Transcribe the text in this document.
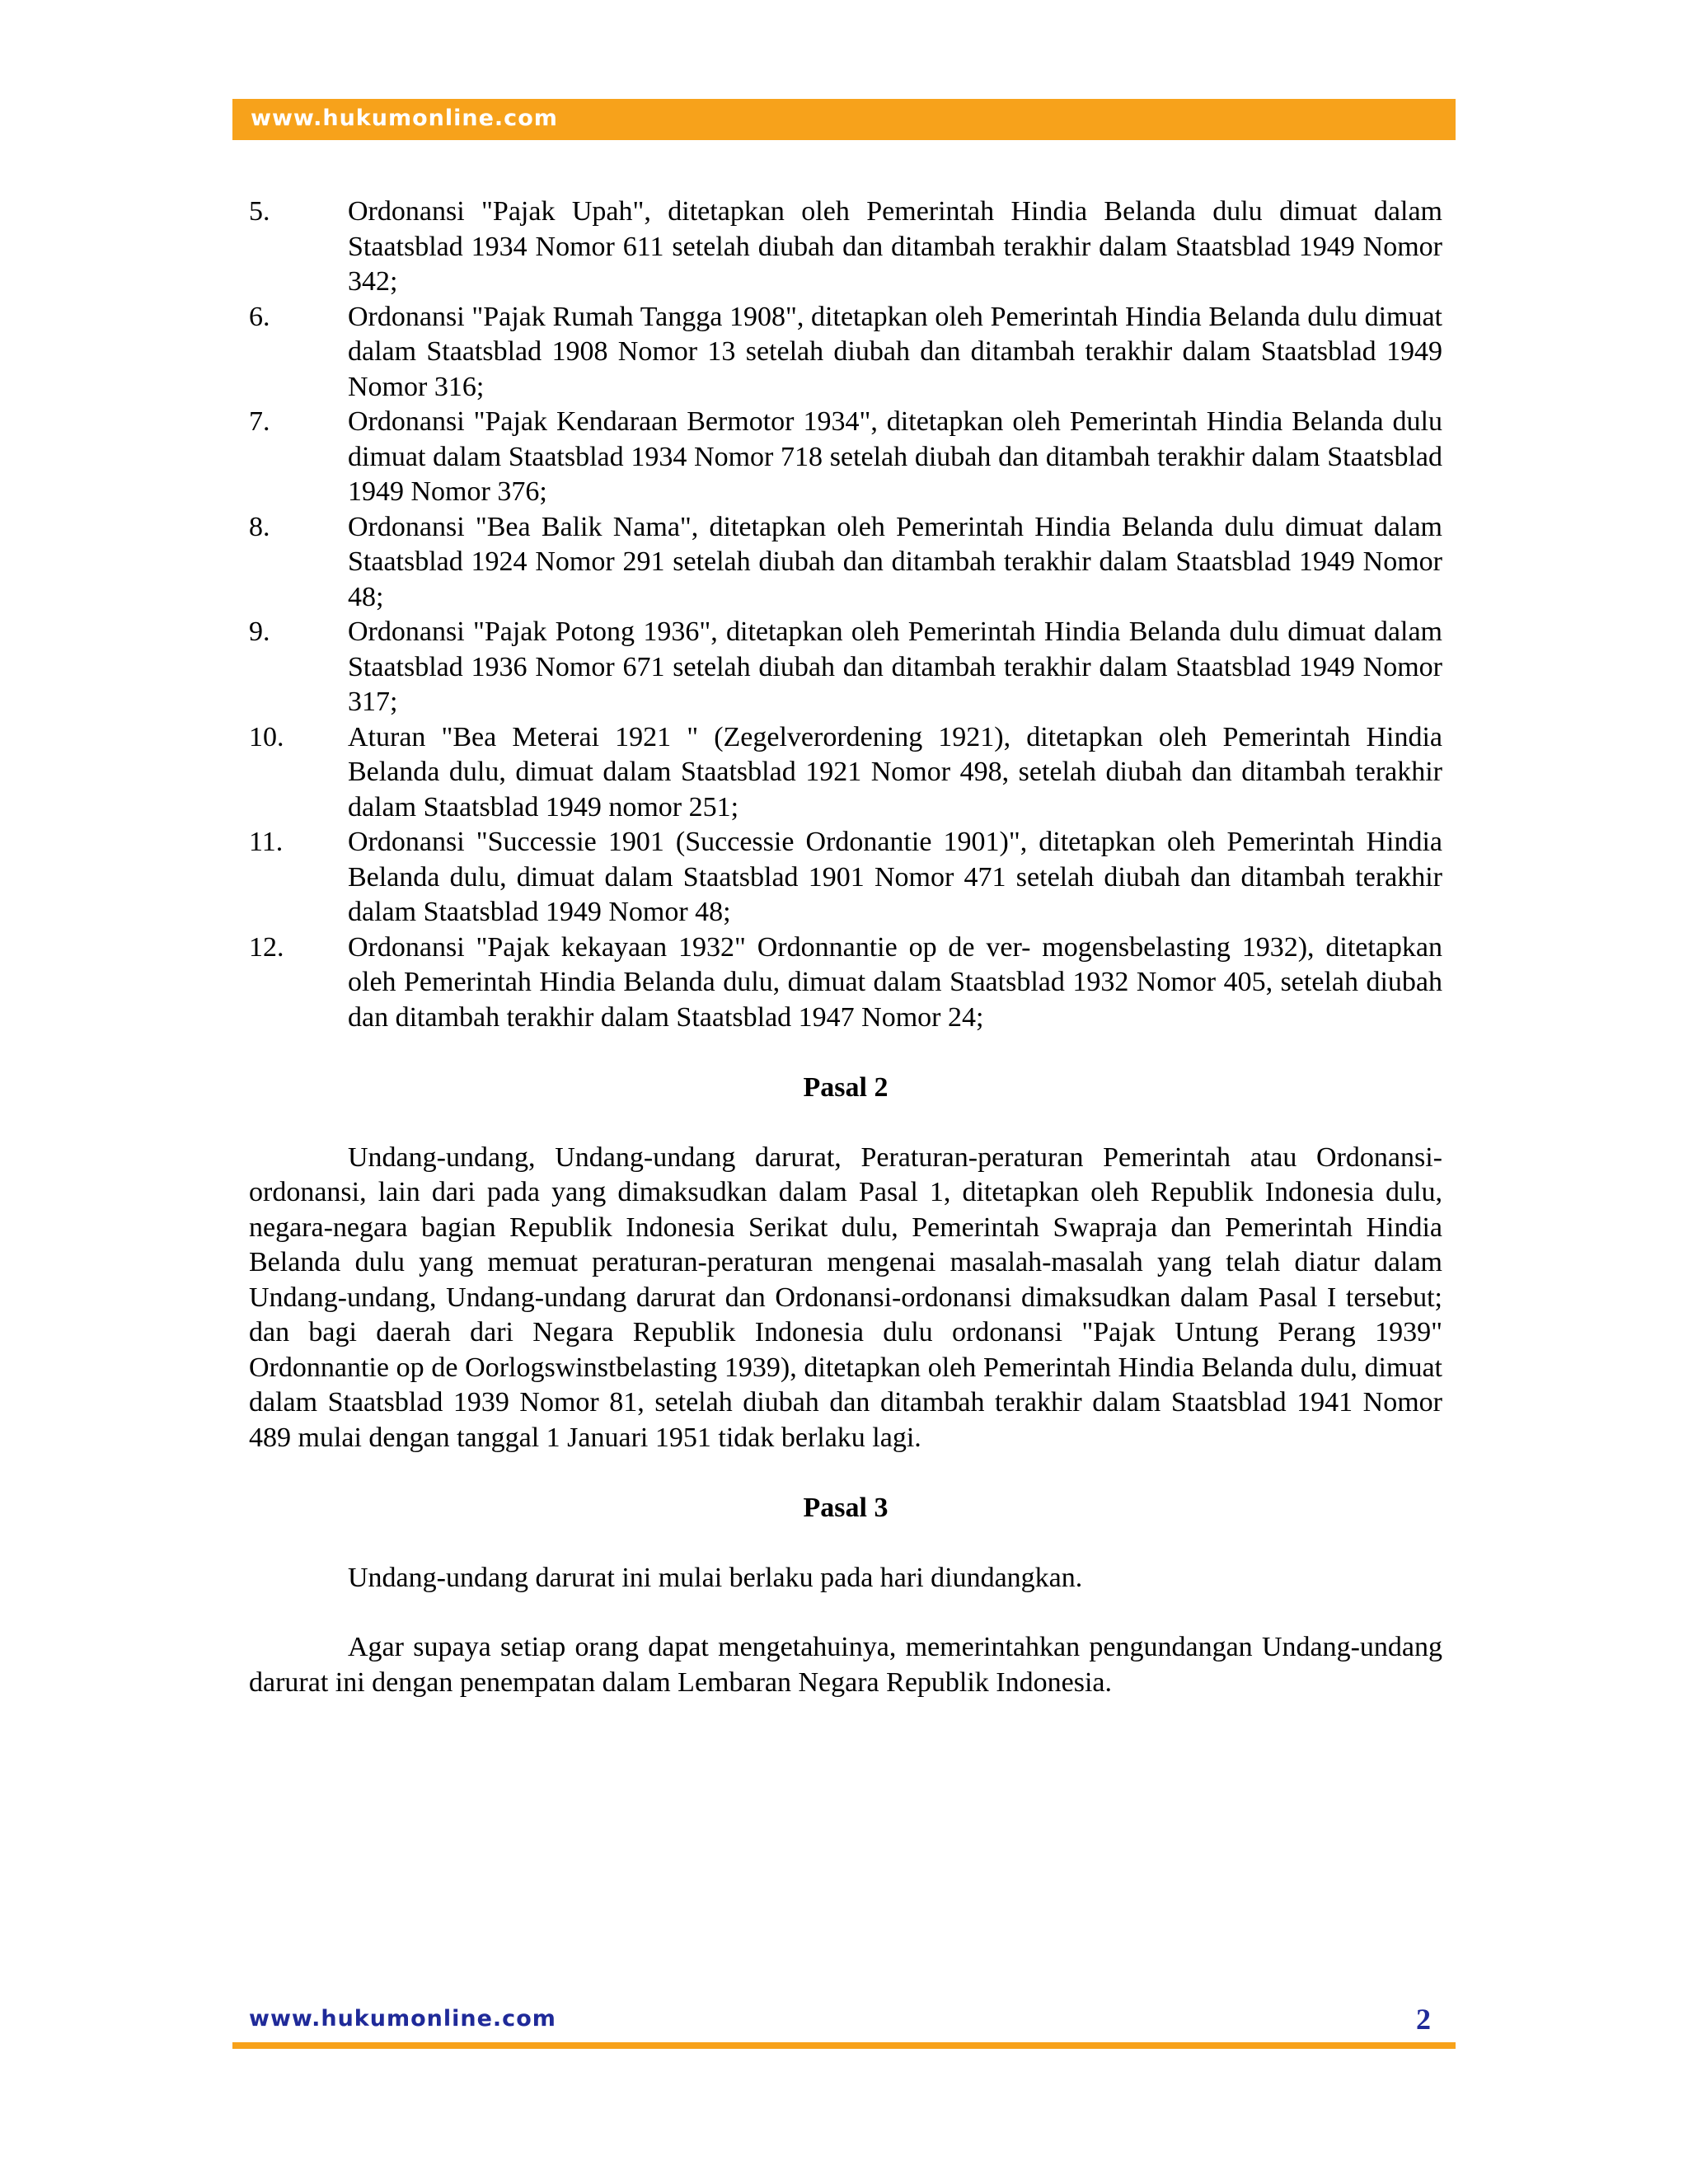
www.hukumonline.com
5.	Ordonansi "Pajak Upah", ditetapkan oleh Pemerintah Hindia Belanda dulu dimuat dalam Staatsblad 1934 Nomor 611 setelah diubah dan ditambah terakhir dalam Staatsblad 1949 Nomor 342;
6.	Ordonansi "Pajak Rumah Tangga 1908", ditetapkan oleh Pemerintah Hindia Belanda dulu dimuat dalam Staatsblad 1908 Nomor 13 setelah diubah dan ditambah terakhir dalam Staatsblad 1949 Nomor 316;
7.	Ordonansi "Pajak Kendaraan Bermotor 1934", ditetapkan oleh Pemerintah Hindia Belanda dulu dimuat dalam Staatsblad 1934 Nomor 718 setelah diubah dan ditambah terakhir dalam Staatsblad 1949 Nomor 376;
8.	Ordonansi "Bea Balik Nama", ditetapkan oleh Pemerintah Hindia Belanda dulu dimuat dalam Staatsblad 1924 Nomor 291 setelah diubah dan ditambah terakhir dalam Staatsblad 1949 Nomor 48;
9.	Ordonansi "Pajak Potong 1936", ditetapkan oleh Pemerintah Hindia Belanda dulu dimuat dalam Staatsblad 1936 Nomor 671 setelah diubah dan ditambah terakhir dalam Staatsblad 1949 Nomor 317;
10.	Aturan "Bea Meterai 1921 " (Zegelverordening 1921), ditetapkan oleh Pemerintah Hindia Belanda dulu, dimuat dalam Staatsblad 1921 Nomor 498, setelah diubah dan ditambah terakhir dalam Staatsblad 1949 nomor 251;
11.	Ordonansi "Successie 1901 (Successie Ordonantie 1901)", ditetapkan oleh Pemerintah Hindia Belanda dulu, dimuat dalam Staatsblad 1901 Nomor 471 setelah diubah dan ditambah terakhir dalam Staatsblad 1949 Nomor 48;
12.	Ordonansi "Pajak kekayaan 1932" Ordonnantie op de ver- mogensbelasting 1932), ditetapkan oleh Pemerintah Hindia Belanda dulu, dimuat dalam Staatsblad 1932 Nomor 405, setelah diubah dan ditambah terakhir dalam Staatsblad 1947 Nomor 24;

Pasal 2

Undang-undang, Undang-undang darurat, Peraturan-peraturan Pemerintah atau Ordonansi-ordonansi, lain dari pada yang dimaksudkan dalam Pasal 1, ditetapkan oleh Republik Indonesia dulu, negara-negara bagian Republik Indonesia Serikat dulu, Pemerintah Swapraja dan Pemerintah Hindia Belanda dulu yang memuat peraturan-peraturan mengenai masalah-masalah yang telah diatur dalam Undang-undang, Undang-undang darurat dan Ordonansi-ordonansi dimaksudkan dalam Pasal I tersebut; dan bagi daerah dari Negara Republik Indonesia dulu ordonansi "Pajak Untung Perang 1939" Ordonnantie op de Oorlogswinstbelasting 1939), ditetapkan oleh Pemerintah Hindia Belanda dulu, dimuat dalam Staatsblad 1939 Nomor 81, setelah diubah dan ditambah terakhir dalam Staatsblad 1941 Nomor 489 mulai dengan tanggal 1 Januari 1951 tidak berlaku lagi.

Pasal 3

Undang-undang darurat ini mulai berlaku pada hari diundangkan.

Agar supaya setiap orang dapat mengetahuinya, memerintahkan pengundangan Undang-undang darurat ini dengan penempatan dalam Lembaran Negara Republik Indonesia.

www.hukumonline.com	2
